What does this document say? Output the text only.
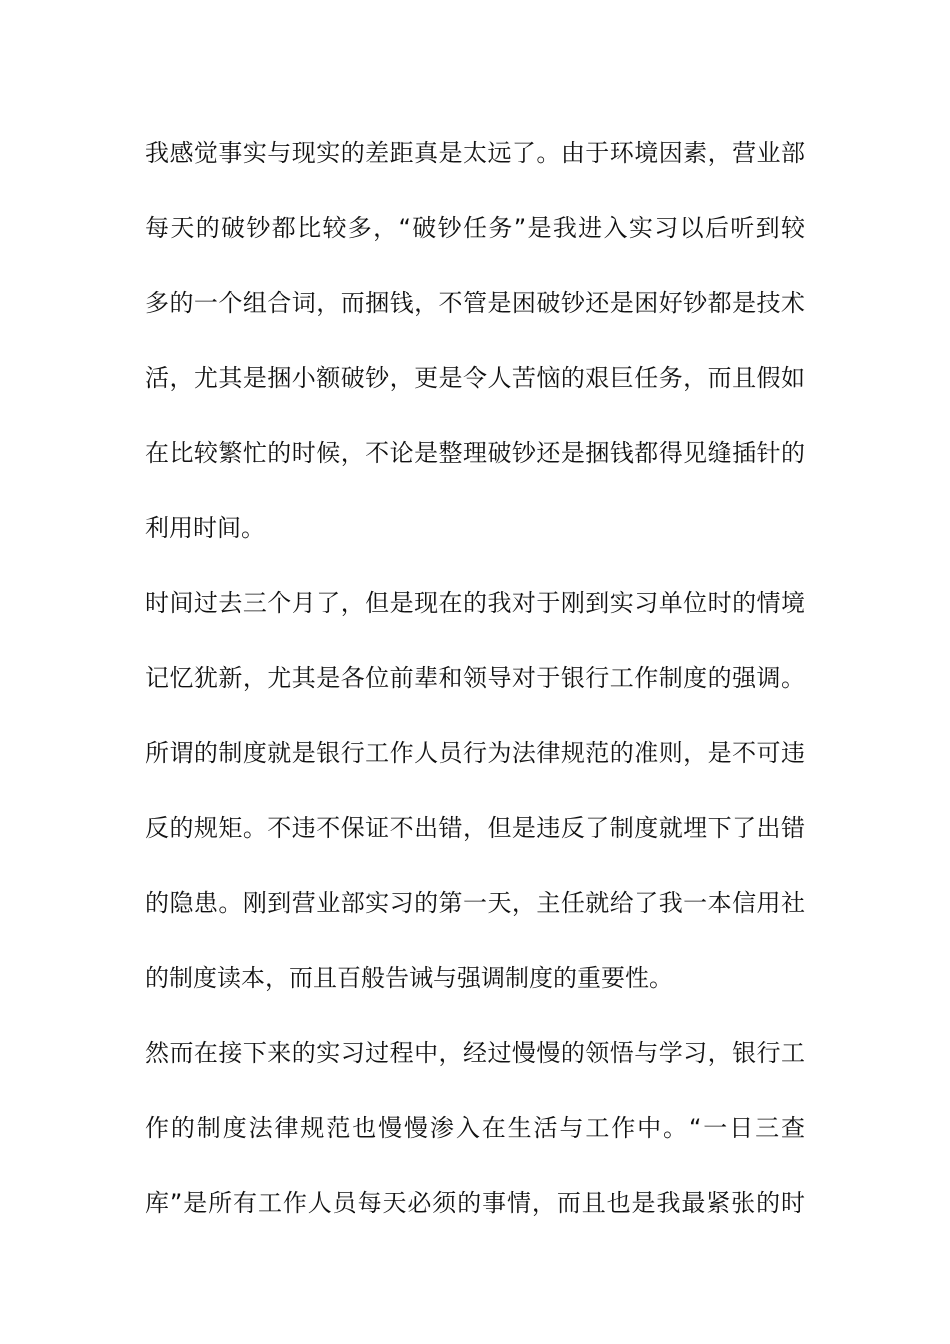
我感觉事实与现实的差距真是太远了。由于环境因素，营业部
每天的破钞都比较多，“破钞任务”是我进入实习以后听到较
多的一个组合词，而捆钱，不管是困破钞还是困好钞都是技术
活，尤其是捆小额破钞，更是令人苦恼的艰巨任务，而且假如
在比较繁忙的时候，不论是整理破钞还是捆钱都得见缝插针的
利用时间。
时间过去三个月了，但是现在的我对于刚到实习单位时的情境
记忆犹新，尤其是各位前辈和领导对于银行工作制度的强调。
所谓的制度就是银行工作人员行为法律规范的准则，是不可违
反的规矩。不违不保证不出错，但是违反了制度就埋下了出错
的隐患。刚到营业部实习的第一天，主任就给了我一本信用社
的制度读本，而且百般告诫与强调制度的重要性。
然而在接下来的实习过程中，经过慢慢的领悟与学习，银行工
作的制度法律规范也慢慢渗入在生活与工作中。“一日三查
库”是所有工作人员每天必须的事情，而且也是我最紧张的时
